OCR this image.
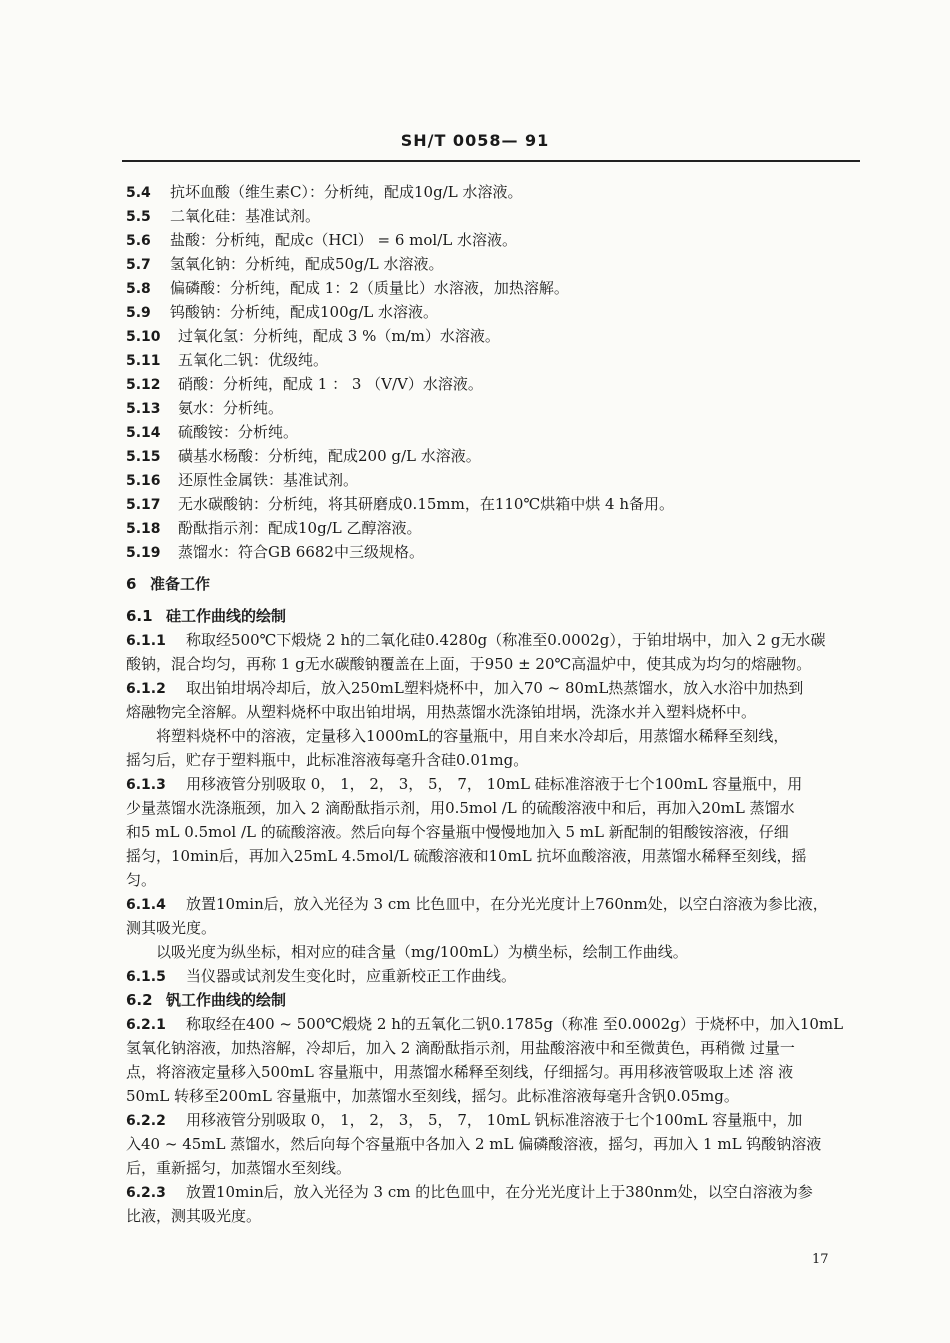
SH/T 0058— 91
5.4 抗坏血酸（维生素C）：分析纯，配成10g/L 水溶液。
5.5 二氧化硅：基准试剂。
5.6 盐酸：分析纯，配成c（HCl） = 6 mol/L 水溶液。
5.7 氢氧化钠：分析纯，配成50g/L 水溶液。
5.8 偏磷酸：分析纯，配成 1：2（质量比）水溶液，加热溶解。
5.9 钨酸钠：分析纯，配成100g/L 水溶液。
5.10 过氧化氢：分析纯，配成 3 %（m/m）水溶液。
5.11 五氧化二钒：优级纯。
5.12 硝酸：分析纯，配成 1 ： 3 （V/V）水溶液。
5.13 氨水：分析纯。
5.14 硫酸铵：分析纯。
5.15 磺基水杨酸：分析纯，配成200 g/L 水溶液。
5.16 还原性金属铁：基准试剂。
5.17 无水碳酸钠：分析纯，将其研磨成0.15mm，在110℃烘箱中烘 4 h备用。
5.18 酚酞指示剂：配成10g/L 乙醇溶液。
5.19 蒸馏水：符合GB 6682中三级规格。
6 准备工作
6.1 硅工作曲线的绘制
6.1.1 称取经500℃下煅烧 2 h的二氧化硅0.4280g（称准至0.0002g），于铂坩埚中，加入 2 g无水碳
酸钠，混合均匀，再称 1 g无水碳酸钠覆盖在上面，于950 ± 20℃高温炉中，使其成为均匀的熔融物。
6.1.2 取出铂坩埚冷却后，放入250mL塑料烧杯中，加入70 ~ 80mL热蒸馏水，放入水浴中加热到
熔融物完全溶解。从塑料烧杯中取出铂坩埚，用热蒸馏水洗涤铂坩埚，洗涤水并入塑料烧杯中。
将塑料烧杯中的溶液，定量移入1000mL的容量瓶中，用自来水冷却后，用蒸馏水稀释至刻线，
摇匀后，贮存于塑料瓶中，此标准溶液每毫升含硅0.01mg。
6.1.3 用移液管分别吸取 0， 1， 2， 3， 5， 7， 10mL 硅标准溶液于七个100mL 容量瓶中，用
少量蒸馏水洗涤瓶颈，加入 2 滴酚酞指示剂，用0.5mol /L 的硫酸溶液中和后，再加入20mL 蒸馏水
和5 mL 0.5mol /L 的硫酸溶液。然后向每个容量瓶中慢慢地加入 5 mL 新配制的钼酸铵溶液，仔细
摇匀，10min后，再加入25mL 4.5mol/L 硫酸溶液和10mL 抗坏血酸溶液，用蒸馏水稀释至刻线，摇
匀。
6.1.4 放置10min后，放入光径为 3 cm 比色皿中，在分光光度计上760nm处，以空白溶液为参比液，
测其吸光度。
以吸光度为纵坐标，相对应的硅含量（mg/100mL）为横坐标，绘制工作曲线。
6.1.5 当仪器或试剂发生变化时，应重新校正工作曲线。
6.2 钒工作曲线的绘制
6.2.1 称取经在400 ~ 500℃煅烧 2 h的五氧化二钒0.1785g（称准 至0.0002g）于烧杯中，加入10mL
氢氧化钠溶液，加热溶解，冷却后，加入 2 滴酚酞指示剂，用盐酸溶液中和至微黄色，再稍微 过量一
点，将溶液定量移入500mL 容量瓶中，用蒸馏水稀释至刻线，仔细摇匀。再用移液管吸取上述 溶 液
50mL 转移至200mL 容量瓶中，加蒸馏水至刻线，摇匀。此标准溶液每毫升含钒0.05mg。
6.2.2 用移液管分别吸取 0， 1， 2， 3， 5， 7， 10mL 钒标准溶液于七个100mL 容量瓶中，加
入40 ~ 45mL 蒸馏水，然后向每个容量瓶中各加入 2 mL 偏磷酸溶液，摇匀，再加入 1 mL 钨酸钠溶液
后，重新摇匀，加蒸馏水至刻线。
6.2.3 放置10min后，放入光径为 3 cm 的比色皿中，在分光光度计上于380nm处，以空白溶液为参
比液，测其吸光度。
17
